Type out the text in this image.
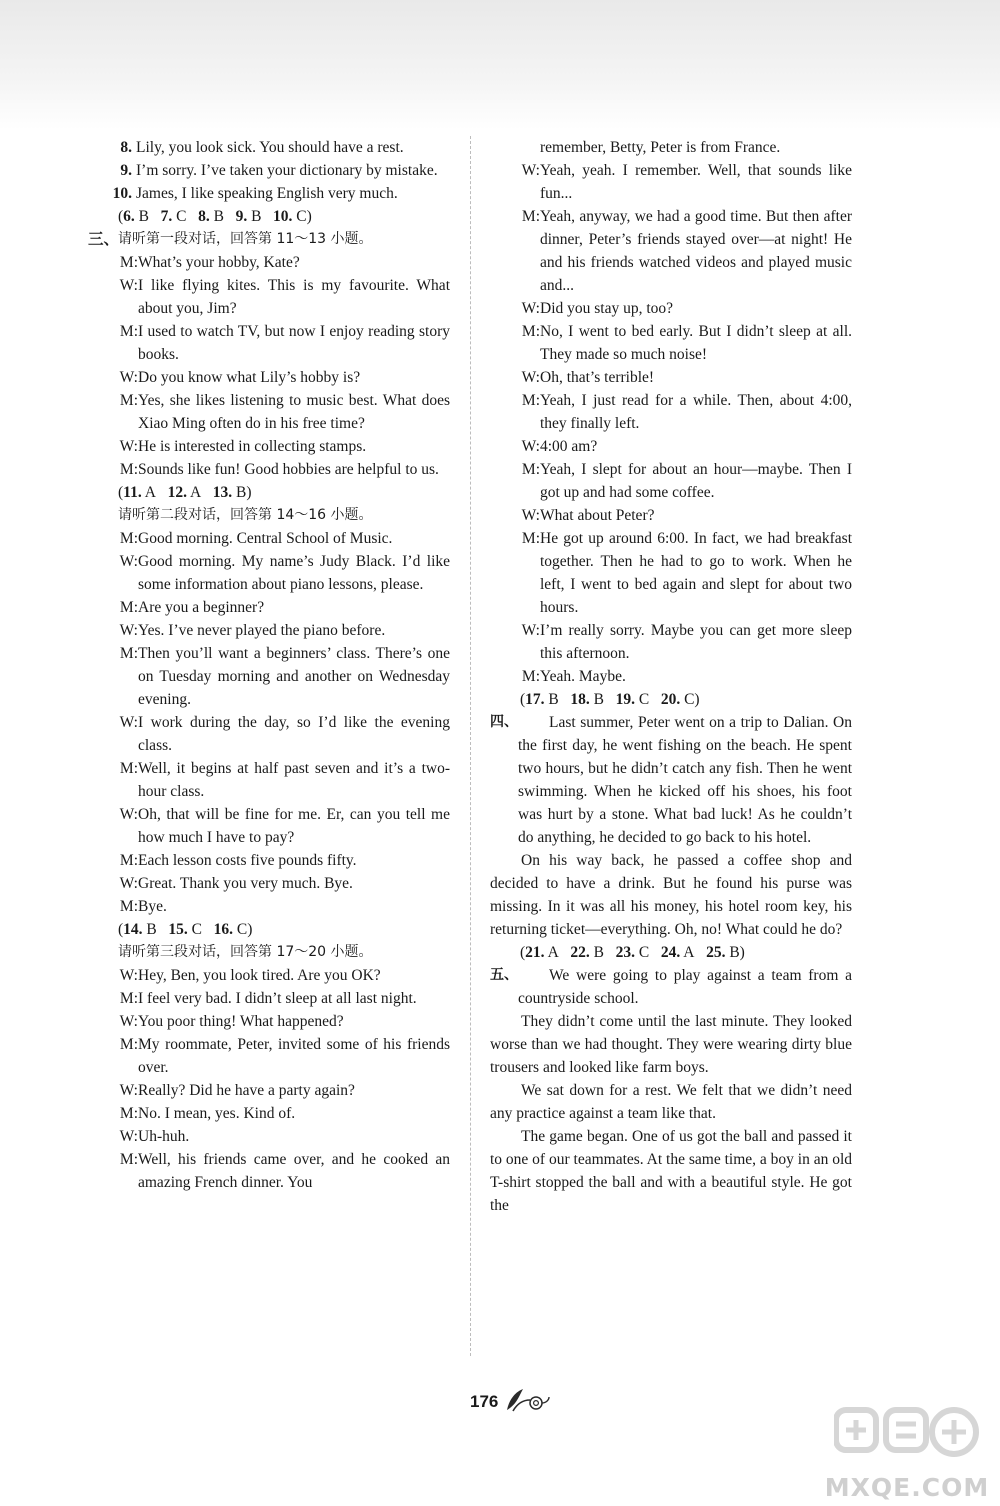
8. Lily, you look sick. You should have a rest.
9. I’m sorry. I’ve taken your dictionary by mistake.
10. James, I like speaking English very much.
(6. B 7. C 8. B 9. B 10. C)
三、
请听第一段对话，回答第 11～13 小题。
M: What’s your hobby, Kate?
W: I like flying kites. This is my favourite. What about you, Jim?
M: I used to watch TV, but now I enjoy reading story books.
W: Do you know what Lily’s hobby is?
M: Yes, she likes listening to music best. What does Xiao Ming often do in his free time?
W: He is interested in collecting stamps.
M: Sounds like fun! Good hobbies are helpful to us.
(11. A 12. A 13. B)
请听第二段对话，回答第 14～16 小题。
M: Good morning. Central School of Music.
W: Good morning. My name’s Judy Black. I’d like some information about piano lessons, please.
M: Are you a beginner?
W: Yes. I’ve never played the piano before.
M: Then you’ll want a beginners’ class. There’s one on Tuesday morning and another on Wednesday evening.
W: I work during the day, so I’d like the evening class.
M: Well, it begins at half past seven and it’s a two-hour class.
W: Oh, that will be fine for me. Er, can you tell me how much I have to pay?
M: Each lesson costs five pounds fifty.
W: Great. Thank you very much. Bye.
M: Bye.
(14. B 15. C 16. C)
请听第三段对话，回答第 17～20 小题。
W: Hey, Ben, you look tired. Are you OK?
M: I feel very bad. I didn’t sleep at all last night.
W: You poor thing! What happened?
M: My roommate, Peter, invited some of his friends over.
W: Really? Did he have a party again?
M: No. I mean, yes. Kind of.
W: Uh-huh.
M: Well, his friends came over, and he cooked an amazing French dinner. You
remember, Betty, Peter is from France.
W: Yeah, yeah. I remember. Well, that sounds like fun...
M: Yeah, anyway, we had a good time. But then after dinner, Peter’s friends stayed over—at night! He and his friends watched videos and played music and...
W: Did you stay up, too?
M: No, I went to bed early. But I didn’t sleep at all. They made so much noise!
W: Oh, that’s terrible!
M: Yeah, I just read for a while. Then, about 4:00, they finally left.
W: 4:00 am?
M: Yeah, I slept for about an hour—maybe. Then I got up and had some coffee.
W: What about Peter?
M: He got up around 6:00. In fact, we had breakfast together. Then he had to go to work. When he left, I went to bed again and slept for about two hours.
W: I’m really sorry. Maybe you can get more sleep this afternoon.
M: Yeah. Maybe.
(17. B 18. B 19. C 20. C)
四、	Last summer, Peter went on a trip to Dalian. On the first day, he went fishing on the beach. He spent two hours, but he didn’t catch any fish. Then he went swimming. When he kicked off his shoes, his foot was hurt by a stone. What bad luck! As he couldn’t do anything, he decided to go back to his hotel.

On his way back, he passed a coffee shop and decided to have a drink. But he found his purse was missing. In it was all his money, his hotel room key, his returning ticket—everything. Oh, no! What could he do?

(21. A 22. B 23. C 24. A 25. B)
五、	We were going to play against a team from a countryside school.

They didn’t come until the last minute. They looked worse than we had thought. They were wearing dirty blue trousers and looked like farm boys.

We sat down for a rest. We felt that we didn’t need any practice against a team like that.

The game began. One of us got the ball and passed it to one of our teammates. At the same time, a boy in an old T-shirt stopped the ball and with a beautiful style. He got the

176
MXQE.COM
